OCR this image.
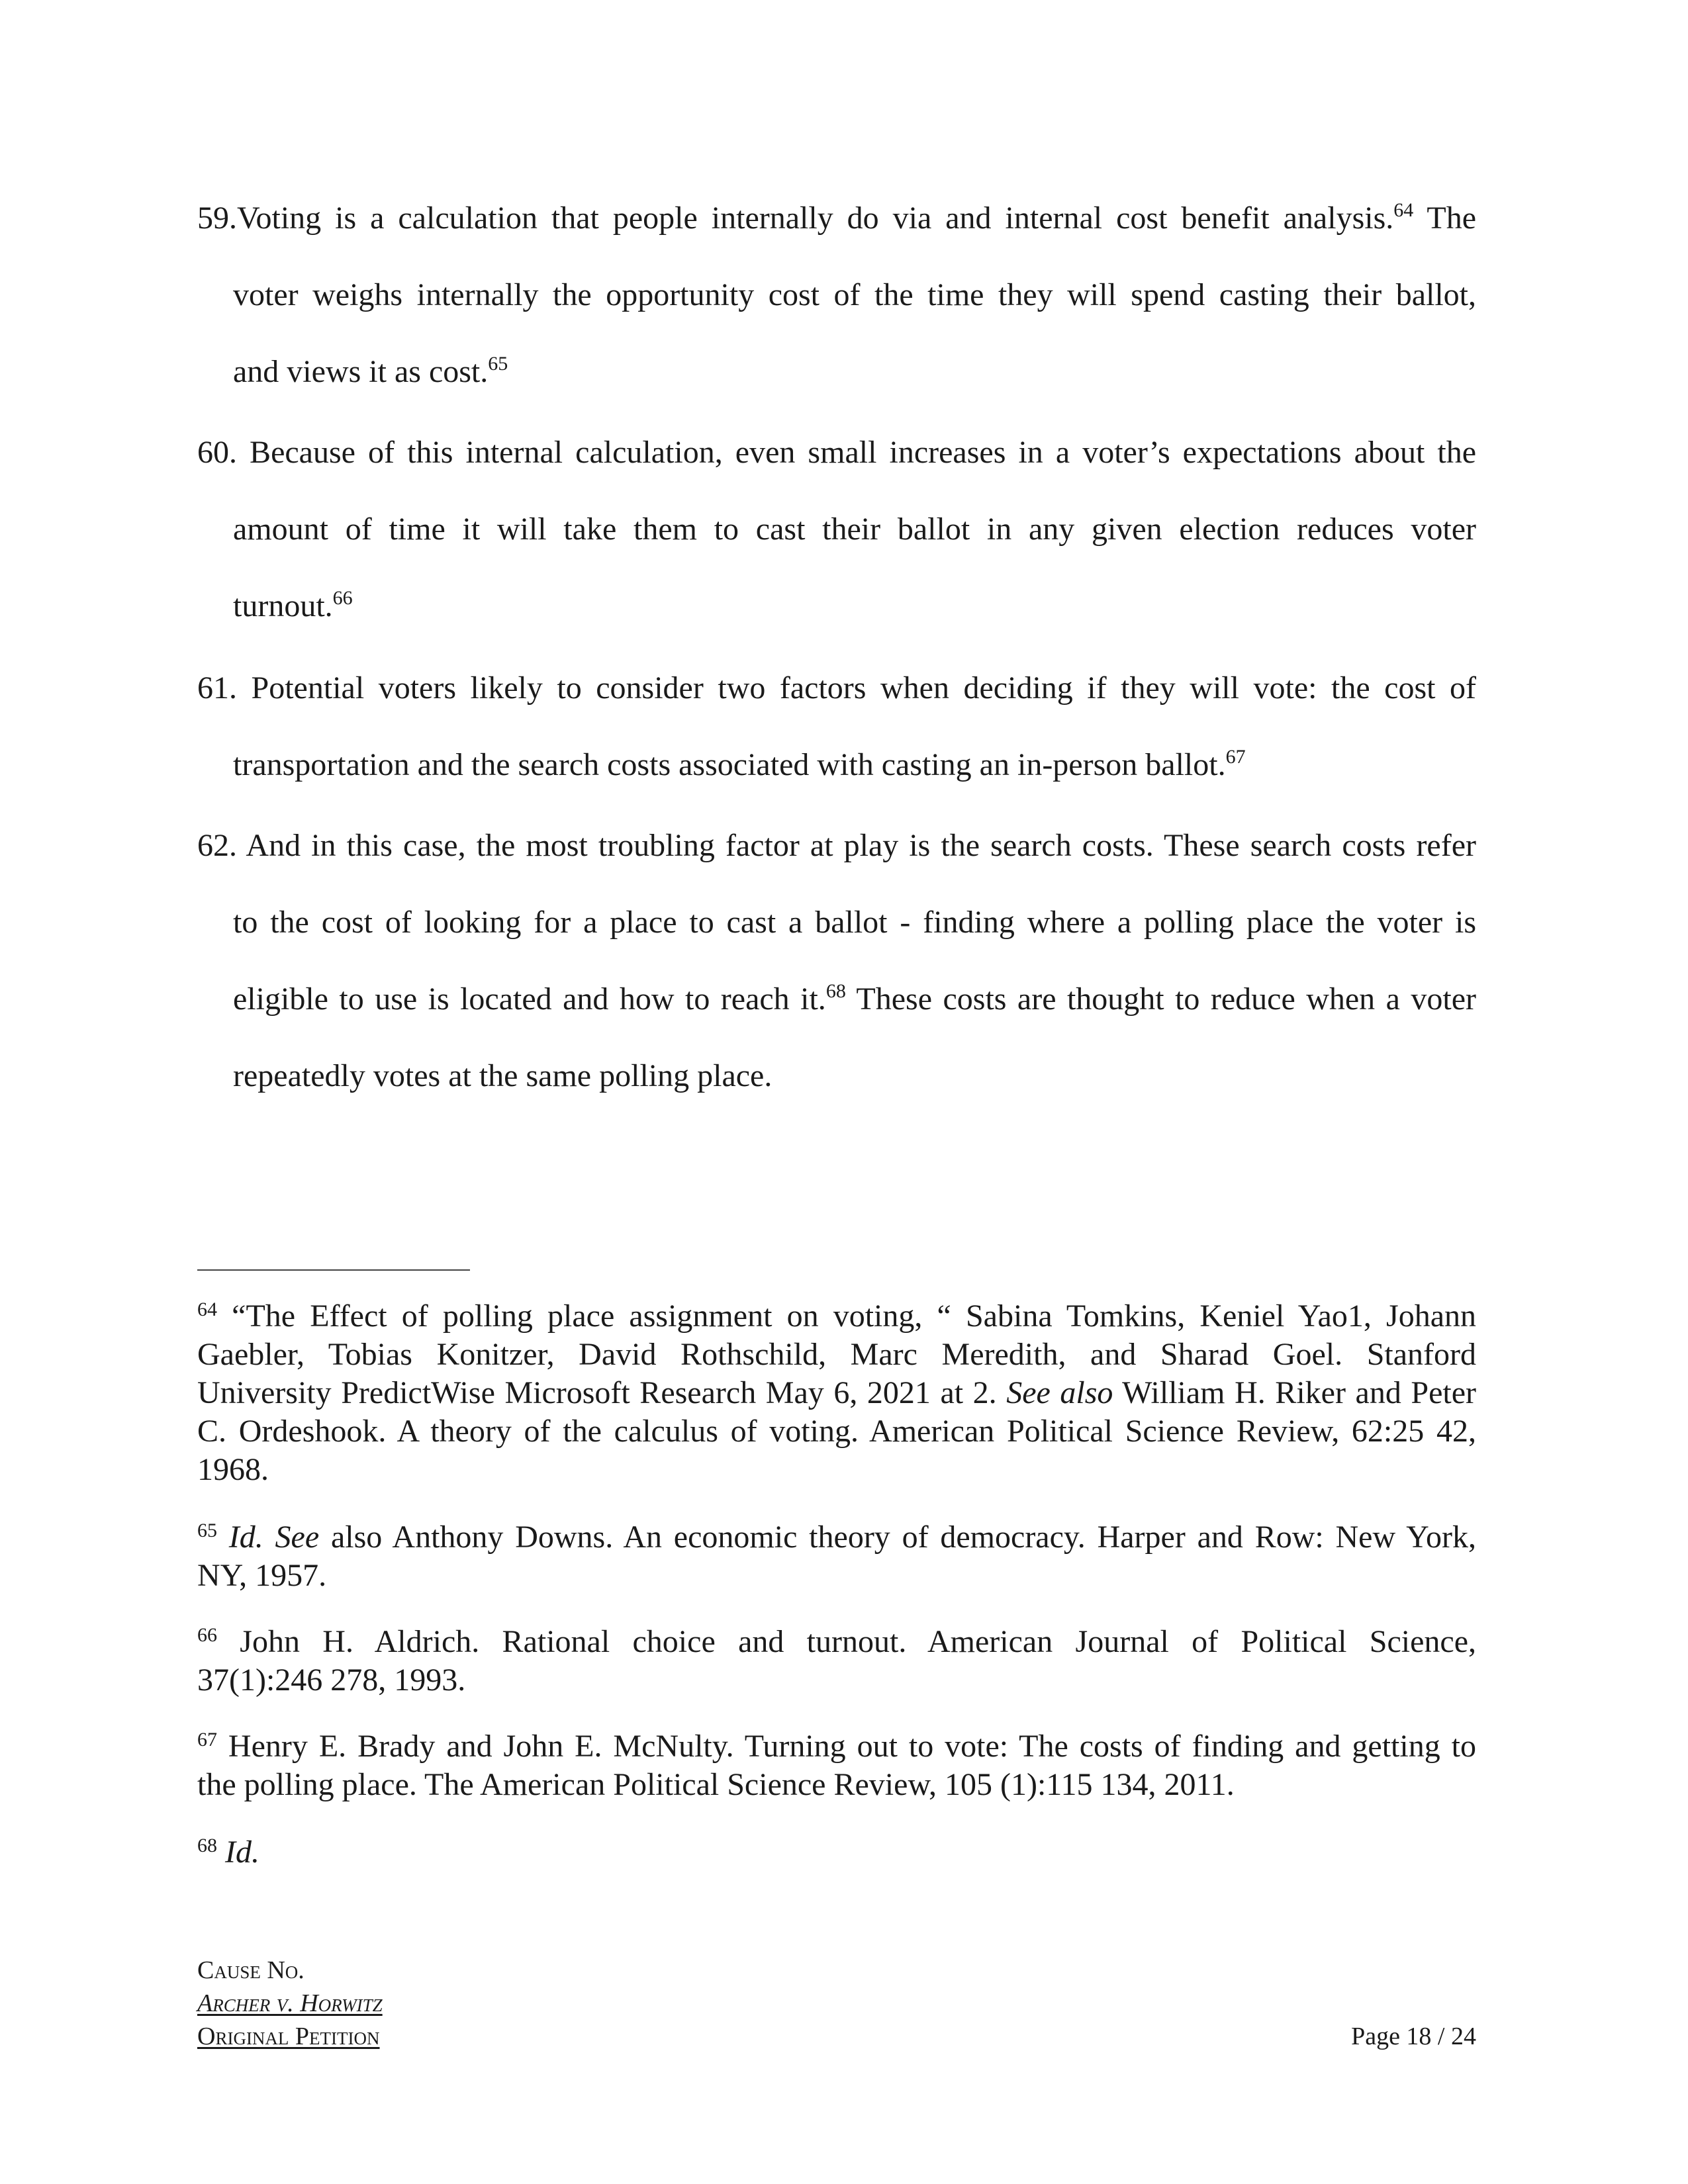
59.Voting is a calculation that people internally do via and internal cost benefit analysis.$^{64}$ The
voter weighs internally the opportunity cost of the time they will spend casting their ballot,
and views it as cost.$^{65}$
60. Because of this internal calculation, even small increases in a voter’s expectations about the
amount of time it will take them to cast their ballot in any given election reduces voter
turnout.$^{66}$
61. Potential voters likely to consider two factors when deciding if they will vote: the cost of
transportation and the search costs associated with casting an in-person ballot.$^{67}$
62. And in this case, the most troubling factor at play is the search costs. These search costs refer
to the cost of looking for a place to cast a ballot - finding where a polling place the voter is
eligible to use is located and how to reach it.$^{68}$ These costs are thought to reduce when a voter
repeatedly votes at the same polling place.
$^{64}$ “The Effect of polling place assignment on voting, “ Sabina Tomkins, Keniel Yao1, Johann
Gaebler, Tobias Konitzer, David Rothschild, Marc Meredith, and Sharad Goel. Stanford
University PredictWise Microsoft Research May 6, 2021 at 2. See also William H. Riker and Peter
C. Ordeshook. A theory of the calculus of voting. American Political Science Review, 62:25 42,
1968.
$^{65}$ Id. See also Anthony Downs. An economic theory of democracy. Harper and Row: New York,
NY, 1957.
$^{66}$ John H. Aldrich. Rational choice and turnout. American Journal of Political Science,
37(1):246 278, 1993.
$^{67}$ Henry E. Brady and John E. McNulty. Turning out to vote: The costs of finding and getting to
the polling place. The American Political Science Review, 105 (1):115 134, 2011.
$^{68}$ Id.
Cause No.
Archer v. Horwitz
Original Petition	Page 18 / 24
